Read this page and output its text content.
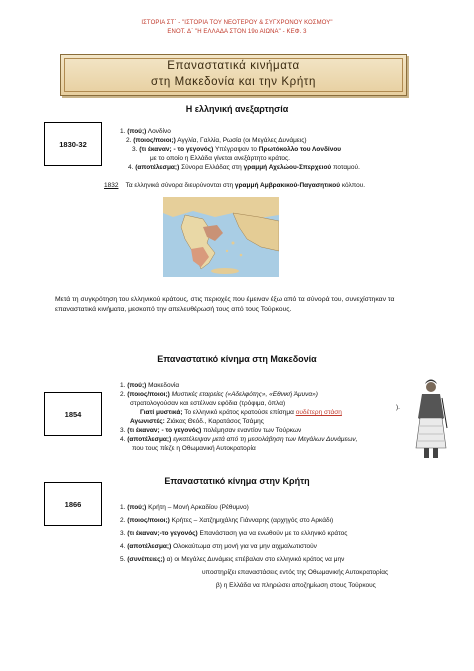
ΙΣΤΟΡΙΑ ΣΤ΄ - "ΙΣΤΟΡΙΑ ΤΟΥ ΝΕΟΤΕΡΟΥ & ΣΥΓΧΡΟΝΟΥ ΚΟΣΜΟΥ"
ΕΝΟΤ. Δ΄ "Η ΕΛΛΑΔΑ ΣΤΟΝ 19ο ΑΙΩΝΑ" - ΚΕΦ. 3
Επαναστατικά κινήματα
στη Μακεδονία και την Κρήτη
Η ελληνική ανεξαρτησία
1830-32
1. (πού;) Λονδίνο
2. (ποιος/ποιοι;) Αγγλία, Γαλλία, Ρωσία (οι Μεγάλες Δυνάμεις)
3. (τι έκαναν; - το γεγονός) Υπέγραψαν το Πρωτόκολλο του Λονδίνου
με το οποίο η Ελλάδα γίνεται ανεξάρτητο κράτος.
4. (αποτέλεσμα;) Σύνορα Ελλάδας στη γραμμή Αχελώου-Σπερχειού ποταμού.
1832 Τα ελληνικά σύνορα διευρύνονται στη γραμμή Αμβρακικού-Παγασητικού κόλπου.
Μετά τη συγκρότηση του ελληνικού κράτους, στις περιοχές που έμειναν έξω από τα σύνορά του, συνεχίστηκαν τα επαναστατικά κινήματα, μεσκοπό την απελευθέρωσή τους από τους Τούρκους.
Επαναστατικό κίνημα στη Μακεδονία
1854
1. (πού;) Μακεδονία
2. (ποιος/ποιοι;) Μυστικές εταιρείες («Αδελφότης», «Εθνική Άμυνα»)
στρατολογούσαν και εστέλναν εφόδια (τρόφιμα, όπλα)
Γιατί μυστικά; Το ελληνικό κράτος κρατούσε επίσημα ουδέτερη στάση
).
Αγωνιστές: Ζιάκας Θεόδ., Καρατάσος Τσάμης
3. (τι έκαναν; - το γεγονός) πολέμησαν εναντίον των Τούρκων
4. (αποτέλεσμα;) εγκατέλειψαν μετά από τη μεσολάβηση των Μεγάλων Δυνάμεων,
που τους πίεζε η Οθωμανική Αυτοκρατορία
Επαναστατικό κίνημα στην Κρήτη
1866	1. (πού;) Κρήτη – Μονή Αρκαδίου (Ρέθυμνο)
2. (ποιος/ποιοι;) Κρήτες – Χατζημιχάλης Γιάνναρης (αρχηγός στο Αρκάδι)
3. (τι έκαναν;-το γεγονός) Επανάσταση για να ενωθούν με το ελληνικό κράτος
4. (αποτέλεσμα;) Ολοκαύτωμα στη μονή για να μην αιχμαλωτιστούν
5. (συνέπειες;) α) οι Μεγάλες Δυνάμεις επέβαλαν στο ελληνικό κράτος να μην
υποστηρίζει επαναστάσεις εντός της Οθωμανικής Αυτοκρατορίας
β) η Ελλάδα να πληρώσει αποζημίωση στους Τούρκους
